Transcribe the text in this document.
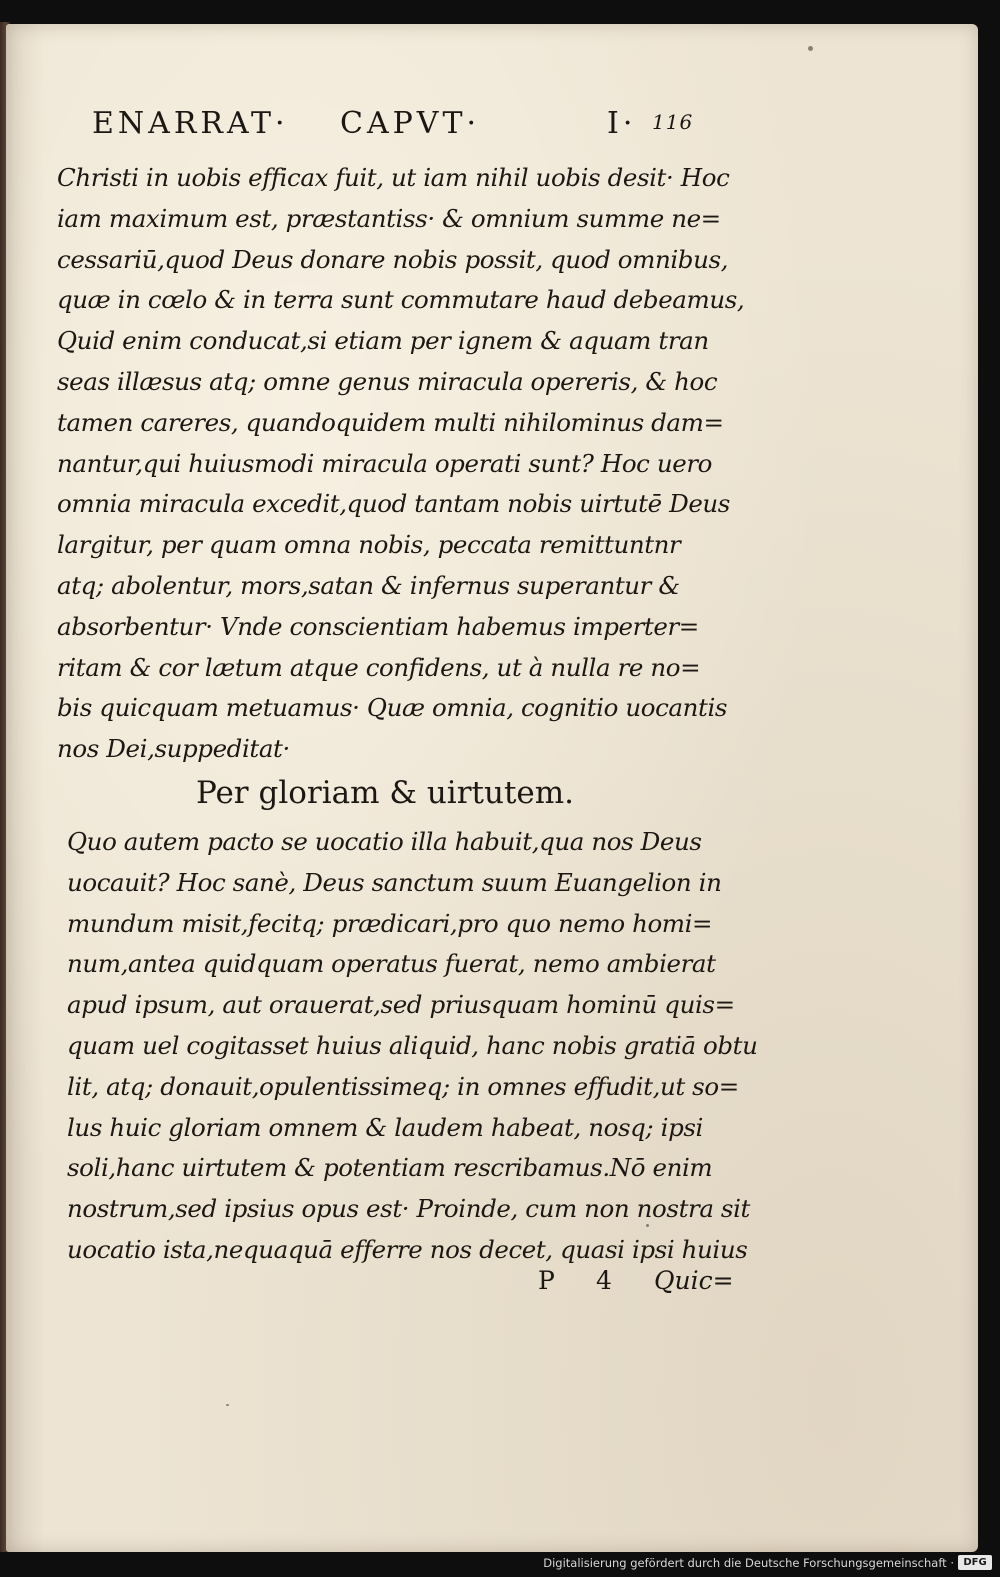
ENARRAT· CAPVT·	I· 116
Christi in uobis efficax fuit, ut iam nihil uobis desit· Hoc
iam maximum est, præstantiss· & omnium summe ne=
cessariū,quod Deus donare nobis possit, quod omnibus,
quæ in cœlo & in terra sunt commutare haud debeamus,
Quid enim conducat,si etiam per ignem & aquam tran
seas illæsus atq; omne genus miracula opereris, & hoc
tamen careres, quandoquidem multi nihilominus dam=
nantur,qui huiusmodi miracula operati sunt? Hoc uero
omnia miracula excedit,quod tantam nobis uirtutē Deus
largitur, per quam omna nobis, peccata remittuntnr
atq; abolentur, mors,satan & infernus superantur &
absorbentur· Vnde conscientiam habemus imperter=
ritam & cor lætum atque confidens, ut à nulla re no=
bis quicquam metuamus· Quæ omnia, cognitio uocantis
nos Dei,suppeditat·
Per gloriam & uirtutem.
Quo autem pacto se uocatio illa habuit,qua nos Deus
uocauit? Hoc sanè, Deus sanctum suum Euangelion in
mundum misit,fecitq; prædicari,pro quo nemo homi=
num,antea quidquam operatus fuerat, nemo ambierat
apud ipsum, aut orauerat,sed priusquam hominū quis=
quam uel cogitasset huius aliquid, hanc nobis gratiā obtu
lit, atq; donauit,opulentissimeq; in omnes effudit,ut so=
lus huic gloriam omnem & laudem habeat, nosq; ipsi
soli,hanc uirtutem & potentiam rescribamus.Nō enim
nostrum,sed ipsius opus est· Proinde, cum non nostra sit
uocatio ista,nequaquā efferre nos decet, quasi ipsi huius
P 4 Quic=
Digitalisierung gefördert durch die Deutsche Forschungsgemeinschaft · DFG
